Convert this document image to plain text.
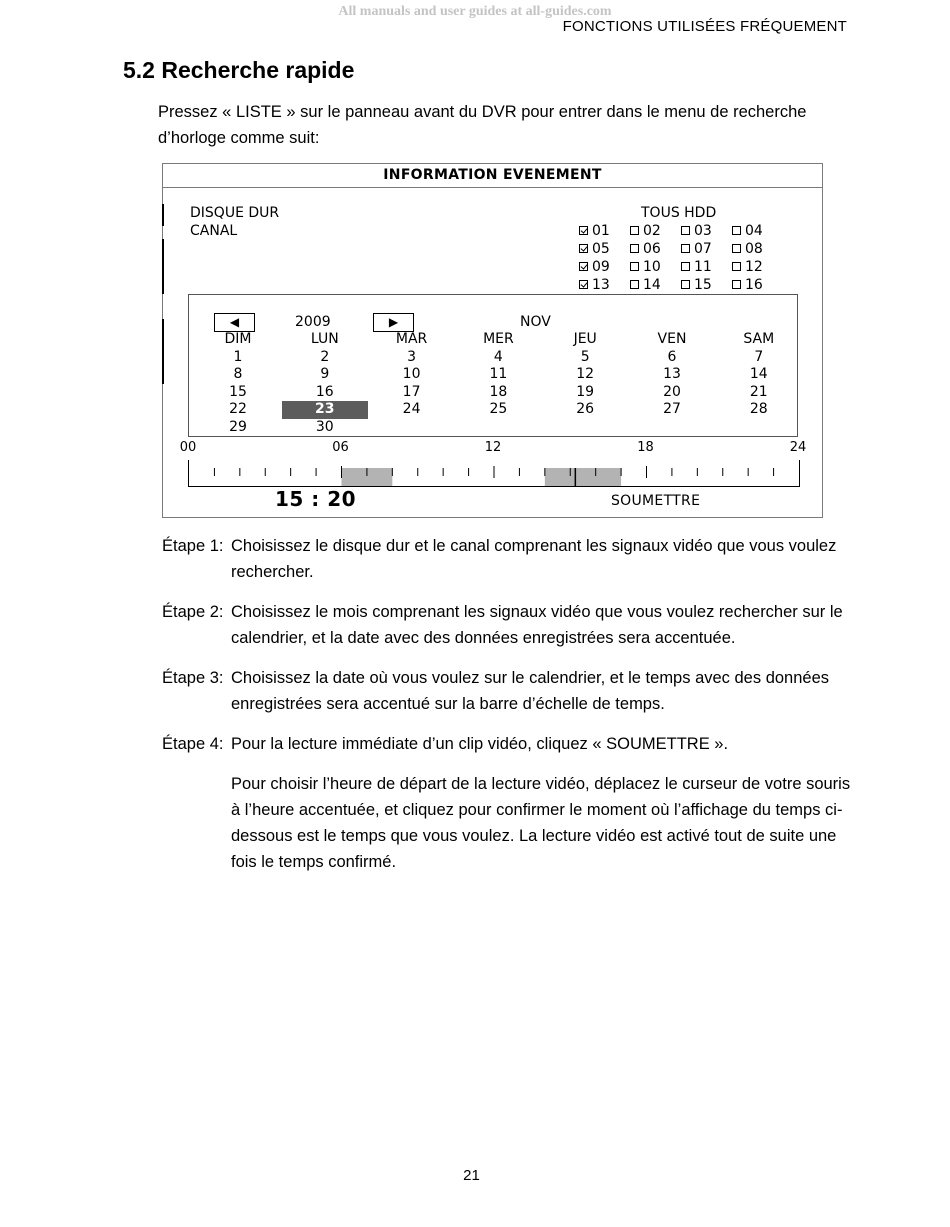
All manuals and user guides at all-guides.com
FONCTIONS UTILISÉES FRÉQUEMENT
5.2 Recherche rapide
Pressez « LISTE » sur le panneau avant du DVR pour entrer dans le menu de recherche d’horloge comme suit:
INFORMATION EVENEMENT
DISQUE DUR
CANAL
TOUS HDD
01	02	03	04
05	06	07	08
09	10	11	12
13	14	15	16
◀	2009	▶	NOV
DIM	LUN	MAR	MER	JEU	VEN	SAM
1	2	3	4	5	6	7
8	9	10	11	12	13	14
15	16	17	18	19	20	21
22	23	24	25	26	27	28
29	30
00	06	12	18	24
15 : 20	SOUMETTRE
Étape 1: Choisissez le disque dur et le canal comprenant les signaux vidéo que vous voulez rechercher.
Étape 2: Choisissez le mois comprenant les signaux vidéo que vous voulez rechercher sur le calendrier, et la date avec des données enregistrées sera accentuée.
Étape 3: Choisissez la date où vous voulez sur le calendrier, et le temps avec des données enregistrées sera accentué sur la barre d’échelle de temps.
Étape 4: Pour la lecture immédiate d’un clip vidéo, cliquez « SOUMETTRE ».
Pour choisir l’heure de départ de la lecture vidéo, déplacez le curseur de votre souris à l’heure accentuée, et cliquez pour confirmer le moment où l’affichage du temps ci-dessous est le temps que vous voulez. La lecture vidéo est activé tout de suite une fois le temps confirmé.
21
